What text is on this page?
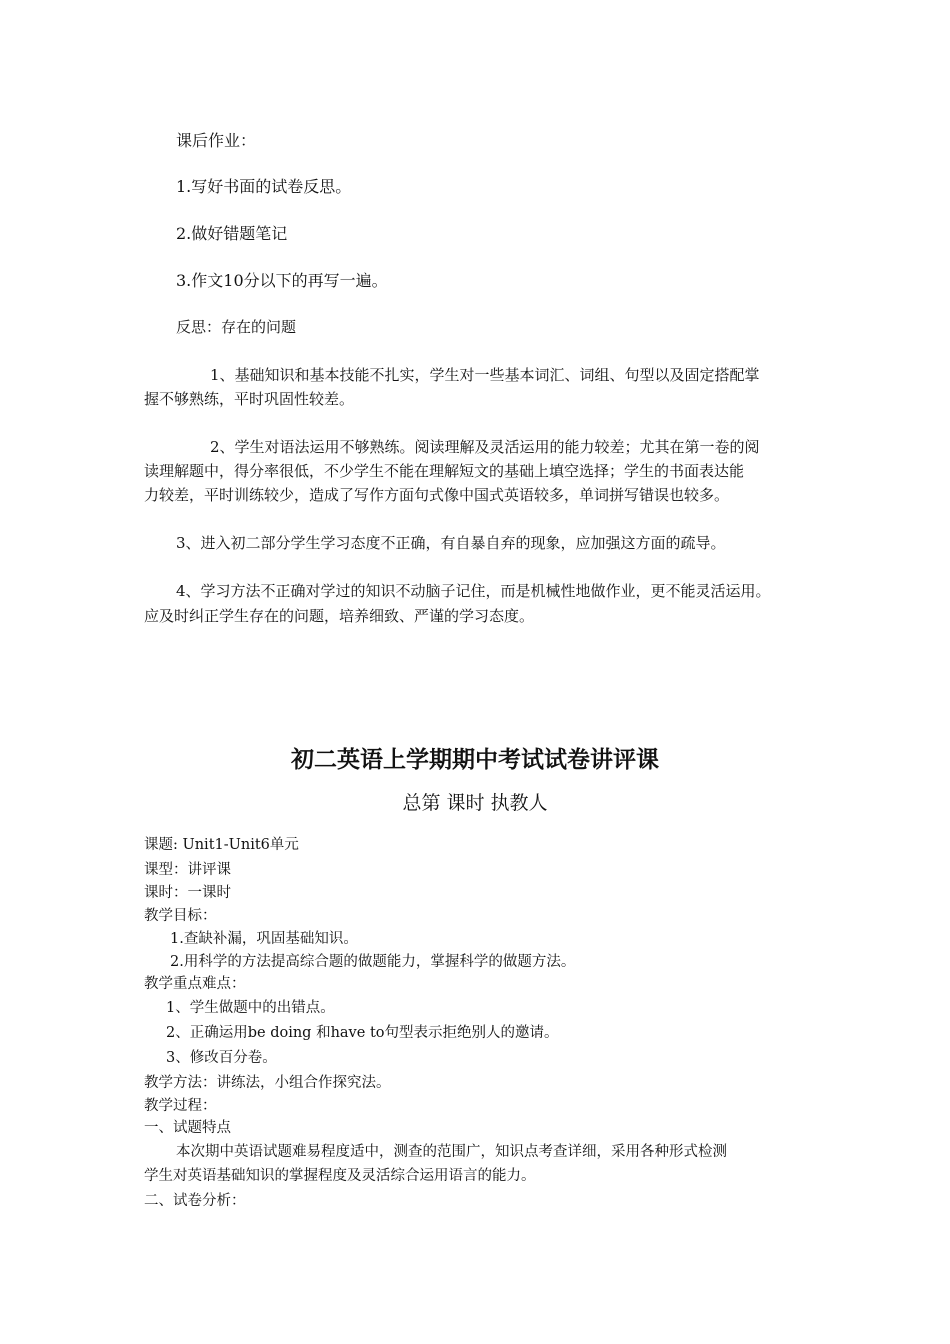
课后作业：
1.写好书面的试卷反思。
2.做好错题笔记
3.作文10分以下的再写一遍。
反思：存在的问题
1、基础知识和基本技能不扎实，学生对一些基本词汇、词组、句型以及固定搭配掌
握不够熟练，平时巩固性较差。
2、学生对语法运用不够熟练。阅读理解及灵活运用的能力较差；尤其在第一卷的阅
读理解题中，得分率很低，不少学生不能在理解短文的基础上填空选择；学生的书面表达能
力较差，平时训练较少，造成了写作方面句式像中国式英语较多，单词拼写错误也较多。
3、进入初二部分学生学习态度不正确，有自暴自弃的现象，应加强这方面的疏导。
4、学习方法不正确对学过的知识不动脑子记住，而是机械性地做作业，更不能灵活运用。
应及时纠正学生存在的问题，培养细致、严谨的学习态度。
初二英语上学期期中考试试卷讲评课
总第 课时 执教人
课题: Unit1-Unit6单元
课型：讲评课
课时：一课时
教学目标：
1.查缺补漏，巩固基础知识。
2.用科学的方法提高综合题的做题能力，掌握科学的做题方法。
教学重点难点：
1、学生做题中的出错点。
2、正确运用be doing 和have to句型表示拒绝别人的邀请。
3、修改百分卷。
教学方法：讲练法，小组合作探究法。
教学过程：
一、试题特点
本次期中英语试题难易程度适中，测查的范围广，知识点考查详细，采用各种形式检测
学生对英语基础知识的掌握程度及灵活综合运用语言的能力。
二、试卷分析：
